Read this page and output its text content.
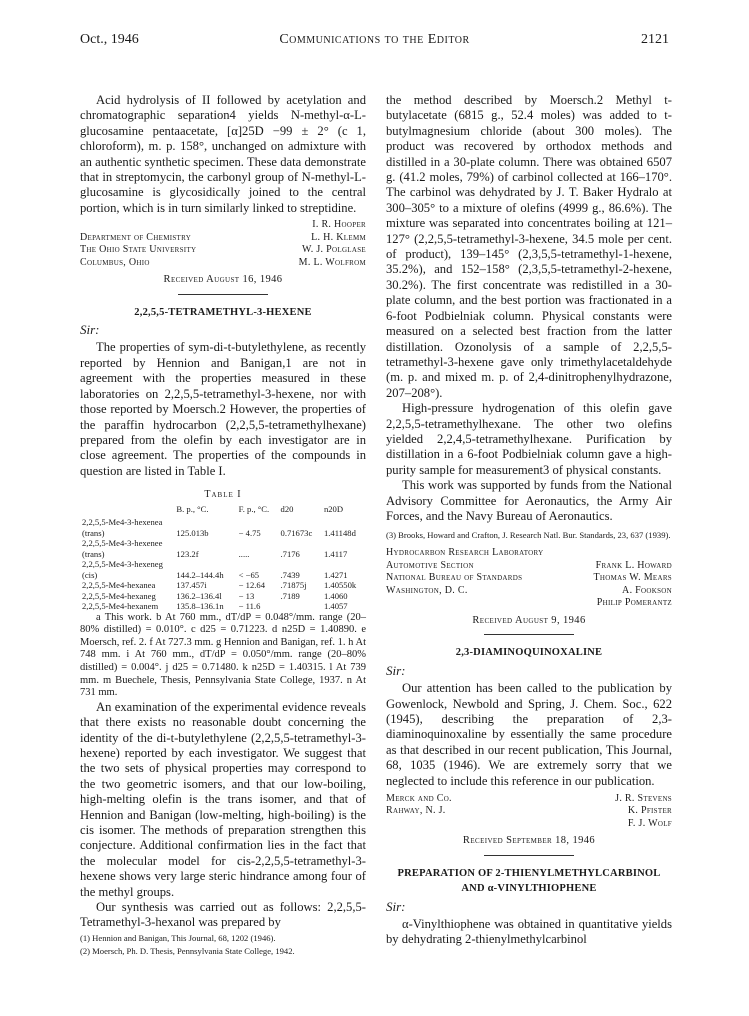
Oct., 1946	Communications to the Editor	2121

Acid hydrolysis of II followed by acetylation and chromatographic separation4 yields N-methyl-α-L-glucosamine pentaacetate, [α]25D −99 ± 2° (c 1, chloroform), m. p. 158°, unchanged on admixture with an authentic synthetic specimen. These data demonstrate that in streptomycin, the carbonyl group of N-methyl-L-glucosamine is glycosidically joined to the central portion, which is in turn similarly linked to streptidine.

Department of Chemistry
The Ohio State University
Columbus, Ohio
I. R. Hooper
L. H. Klemm
W. J. Polglase
M. L. Wolfrom
Received August 16, 1946
2,2,5,5-TETRAMETHYL-3-HEXENE
Sir:

The properties of sym-di-t-butylethylene, as recently reported by Hennion and Banigan,1 are not in agreement with the properties measured in these laboratories on 2,2,5,5-tetramethyl-3-hexene, nor with those reported by Moersch.2 However, the properties of the paraffin hydrocarbon (2,2,5,5-tetramethylhexane) prepared from the olefin by each investigator are in close agreement. The properties of the compounds in question are listed in Table I.

Table I
	B. p., °C.	F. p., °C.	d20	n20D
2,2,5,5-Me4-3-hexenea (trans)	125.013b	− 4.75	0.71673c	1.41148d
2,2,5,5-Me4-3-hexenee (trans)	123.2f	.....	.7176	1.4117
2,2,5,5-Me4-3-hexeneg (cis)	144.2–144.4h	< −65	.7439	1.4271
2,2,5,5-Me4-hexanea	137.457i	− 12.64	.71875j	1.40550k
2,2,5,5-Me4-hexaneg	136.2–136.4l	− 13	.7189	1.4060
2,2,5,5-Me4-hexanem	135.8–136.1n	− 11.6		1.4057

a This work. b At 760 mm., dT/dP = 0.048°/mm. range (20–80% distilled) = 0.010°. c d25 = 0.71223. d n25D = 1.40890. e Moersch, ref. 2. f At 727.3 mm. g Hennion and Banigan, ref. 1. h At 748 mm. i At 760 mm., dT/dP = 0.050°/mm. range (20–80% distilled) = 0.004°. j d25 = 0.71480. k n25D = 1.40315. l At 739 mm. m Buechele, Thesis, Pennsylvania State College, 1937. n At 731 mm.

An examination of the experimental evidence reveals that there exists no reasonable doubt concerning the identity of the di-t-butylethylene (2,2,5,5-tetramethyl-3-hexene) reported by each investigator. We suggest that the two sets of physical properties may correspond to the two geometric isomers, and that our low-boiling, high-melting olefin is the trans isomer, and that of Hennion and Banigan (low-melting, high-boiling) is the cis isomer. The methods of preparation strengthen this conjecture. Additional confirmation lies in the fact that the molecular model for cis-2,2,5,5-tetramethyl-3-hexene shows very large steric hindrance among four of the methyl groups.

Our synthesis was carried out as follows: 2,2,5,5-Tetramethyl-3-hexanol was prepared by

(1) Hennion and Banigan, This Journal, 68, 1202 (1946).
(2) Moersch, Ph. D. Thesis, Pennsylvania State College, 1942.

the method described by Moersch.2 Methyl t-butylacetate (6815 g., 52.4 moles) was added to t-butylmagnesium chloride (about 300 moles). The product was recovered by orthodox methods and distilled in a 30-plate column. There was obtained 6507 g. (41.2 moles, 79%) of carbinol collected at 166–170°. The carbinol was dehydrated by J. T. Baker Hydralo at 300–305° to a mixture of olefins (4999 g., 86.6%). The mixture was separated into concentrates boiling at 121–127° (2,2,5,5-tetramethyl-3-hexene, 34.5 mole per cent. of product), 139–145° (2,3,5,5-tetramethyl-1-hexene, 35.2%), and 152–158° (2,3,5,5-tetramethyl-2-hexene, 30.2%). The first concentrate was redistilled in a 30-plate column, and the best portion was fractionated in a 6-foot Podbielniak column. Physical constants were measured on a selected best fraction from the latter distillation. Ozonolysis of a sample of 2,2,5,5-tetramethyl-3-hexene gave only trimethylacetaldehyde (m. p. and mixed m. p. of 2,4-dinitrophenylhydrazone, 207–208°).

High-pressure hydrogenation of this olefin gave 2,2,5,5-tetramethylhexane. The other two olefins yielded 2,2,4,5-tetramethylhexane. Purification by distillation in a 6-foot Podbielniak column gave a high-purity sample for measurement3 of physical constants.

This work was supported by funds from the National Advisory Committee for Aeronautics, the Army Air Forces, and the Navy Bureau of Aeronautics.

(3) Brooks, Howard and Crafton, J. Research Natl. Bur. Standards, 23, 637 (1939).
Hydrocarbon Research Laboratory
Automotive Section	Frank L. Howard
National Bureau of Standards	Thomas W. Mears
Washington, D. C.	A. Fookson
Philip Pomerantz
Received August 9, 1946
2,3-DIAMINOQUINOXALINE
Sir:

Our attention has been called to the publication by Gowenlock, Newbold and Spring, J. Chem. Soc., 622 (1945), describing the preparation of 2,3-diaminoquinoxaline by essentially the same procedure as that described in our recent publication, This Journal, 68, 1035 (1946). We are extremely sorry that we neglected to include this reference in our publication.

Merck and Co.
Rahway, N. J.
J. R. Stevens
K. Pfister
F. J. Wolf
Received September 18, 1946
PREPARATION OF 2-THIENYLMETHYLCARBINOL
AND α-VINYLTHIOPHENE
Sir:

α-Vinylthiophene was obtained in quantitative yields by dehydrating 2-thienylmethylcarbinol
